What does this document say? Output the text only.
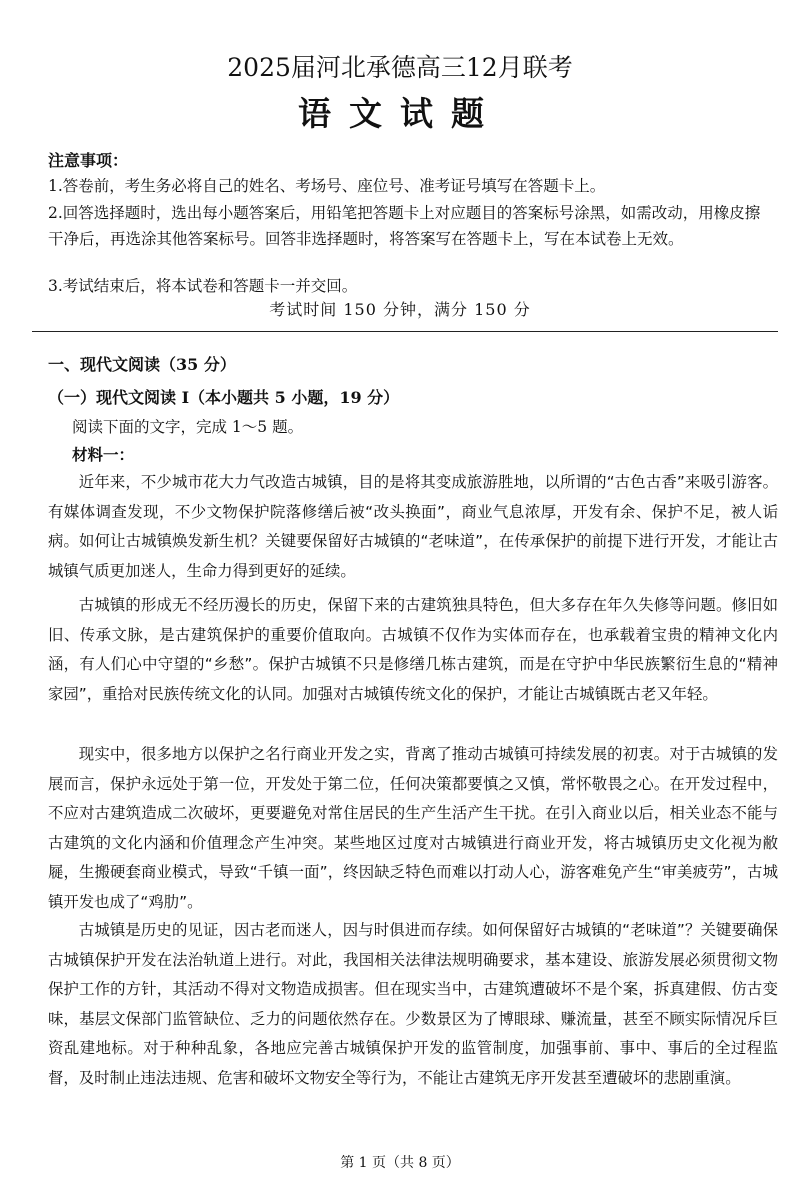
2025届河北承德高三12月联考
语文试题
注意事项：
1.答卷前，考生务必将自己的姓名、考场号、座位号、准考证号填写在答题卡上。
2.回答选择题时，选出每小题答案后，用铅笔把答题卡上对应题目的答案标号涂黑，如需改动，用橡皮擦干净后，再选涂其他答案标号。回答非选择题时，将答案写在答题卡上，写在本试卷上无效。
3.考试结束后，将本试卷和答题卡一并交回。
考试时间 150 分钟，满分 150 分
一、现代文阅读（35 分）
（一）现代文阅读 I（本小题共 5 小题，19 分）
阅读下面的文字，完成 1～5 题。
材料一：

近年来，不少城市花大力气改造古城镇，目的是将其变成旅游胜地，以所谓的“古色古香”来吸引游客。有媒体调查发现，不少文物保护院落修缮后被“改头换面”，商业气息浓厚，开发有余、保护不足，被人诟病。如何让古城镇焕发新生机？关键要保留好古城镇的“老味道”，在传承保护的前提下进行开发，才能让古城镇气质更加迷人，生命力得到更好的延续。

古城镇的形成无不经历漫长的历史，保留下来的古建筑独具特色，但大多存在年久失修等问题。修旧如旧、传承文脉，是古建筑保护的重要价值取向。古城镇不仅作为实体而存在，也承载着宝贵的精神文化内涵，有人们心中守望的“乡愁”。保护古城镇不只是修缮几栋古建筑，而是在守护中华民族繁衍生息的“精神家园”，重拾对民族传统文化的认同。加强对古城镇传统文化的保护，才能让古城镇既古老又年轻。

现实中，很多地方以保护之名行商业开发之实，背离了推动古城镇可持续发展的初衷。对于古城镇的发展而言，保护永远处于第一位，开发处于第二位，任何决策都要慎之又慎，常怀敬畏之心。在开发过程中，不应对古建筑造成二次破坏，更要避免对常住居民的生产生活产生干扰。在引入商业以后，相关业态不能与古建筑的文化内涵和价值理念产生冲突。某些地区过度对古城镇进行商业开发，将古城镇历史文化视为敝屣，生搬硬套商业模式，导致“千镇一面”，终因缺乏特色而难以打动人心，游客难免产生“审美疲劳”，古城镇开发也成了“鸡肋”。

古城镇是历史的见证，因古老而迷人，因与时俱进而存续。如何保留好古城镇的“老味道”？关键要确保古城镇保护开发在法治轨道上进行。对此，我国相关法律法规明确要求，基本建设、旅游发展必须贯彻文物保护工作的方针，其活动不得对文物造成损害。但在现实当中，古建筑遭破坏不是个案，拆真建假、仿古变味，基层文保部门监管缺位、乏力的问题依然存在。少数景区为了博眼球、赚流量，甚至不顾实际情况斥巨资乱建地标。对于种种乱象，各地应完善古城镇保护开发的监管制度，加强事前、事中、事后的全过程监督，及时制止违法违规、危害和破坏文物安全等行为，不能让古建筑无序开发甚至遭破坏的悲剧重演。

第 1 页（共 8 页）
